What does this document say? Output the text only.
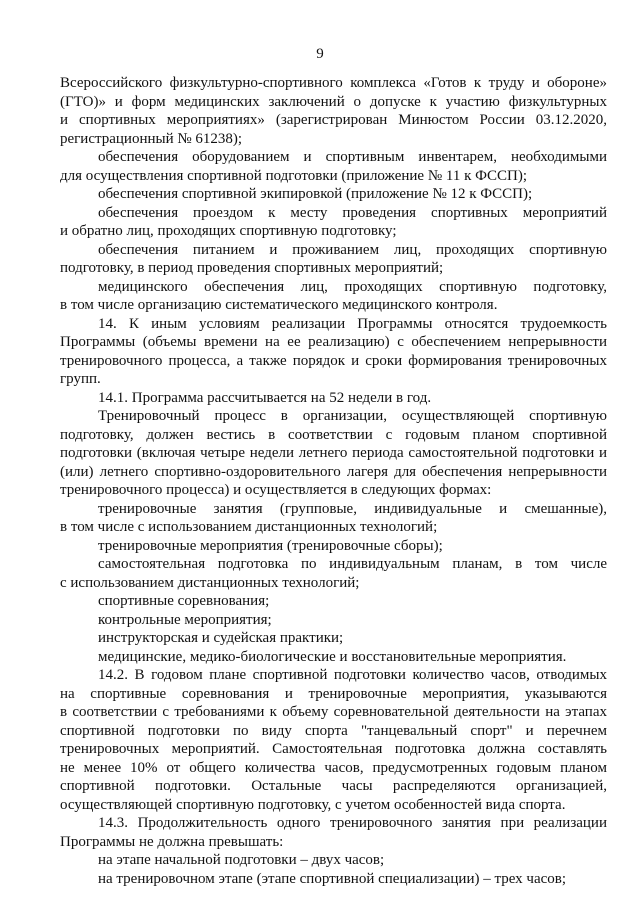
9
Всероссийского физкультурно-спортивного комплекса «Готов к труду и обороне»
(ГТО)» и форм медицинских заключений о допуске к участию физкультурных
и спортивных мероприятиях» (зарегистрирован Минюстом России 03.12.2020,
регистрационный № 61238);
обеспечения оборудованием и спортивным инвентарем, необходимыми
для осуществления спортивной подготовки (приложение № 11 к ФССП);
обеспечения спортивной экипировкой (приложение № 12 к ФССП);
обеспечения проездом к месту проведения спортивных мероприятий
и обратно лиц, проходящих спортивную подготовку;
обеспечения питанием и проживанием лиц, проходящих спортивную
подготовку, в период проведения спортивных мероприятий;
медицинского обеспечения лиц, проходящих спортивную подготовку,
в том числе организацию систематического медицинского контроля.
14. К иным условиям реализации Программы относятся трудоемкость
Программы (объемы времени на ее реализацию) с обеспечением непрерывности
тренировочного процесса, а также порядок и сроки формирования тренировочных
групп.
14.1. Программа рассчитывается на 52 недели в год.
Тренировочный процесс в организации, осуществляющей спортивную
подготовку, должен вестись в соответствии с годовым планом спортивной
подготовки (включая четыре недели летнего периода самостоятельной подготовки и
(или) летнего спортивно-оздоровительного лагеря для обеспечения непрерывности
тренировочного процесса) и осуществляется в следующих формах:
тренировочные занятия (групповые, индивидуальные и смешанные),
в том числе с использованием дистанционных технологий;
тренировочные мероприятия (тренировочные сборы);
самостоятельная подготовка по индивидуальным планам, в том числе
с использованием дистанционных технологий;
спортивные соревнования;
контрольные мероприятия;
инструкторская и судейская практики;
медицинские, медико-биологические и восстановительные мероприятия.
14.2. В годовом плане спортивной подготовки количество часов, отводимых
на спортивные соревнования и тренировочные мероприятия, указываются
в соответствии с требованиями к объему соревновательной деятельности на этапах
спортивной подготовки по виду спорта "танцевальный спорт" и перечнем
тренировочных мероприятий. Самостоятельная подготовка должна составлять
не менее 10% от общего количества часов, предусмотренных годовым планом
спортивной подготовки. Остальные часы распределяются организацией,
осуществляющей спортивную подготовку, с учетом особенностей вида спорта.
14.3. Продолжительность одного тренировочного занятия при реализации
Программы не должна превышать:
на этапе начальной подготовки – двух часов;
на тренировочном этапе (этапе спортивной специализации) – трех часов;
